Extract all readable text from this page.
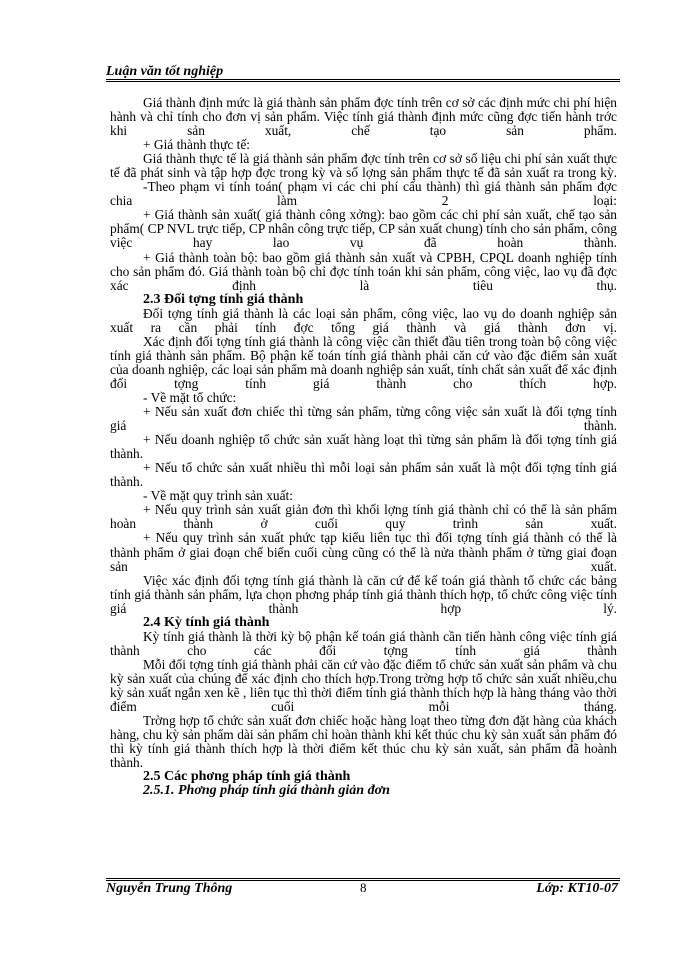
Luận văn tốt nghiệp

Giá thành định mức là giá thành sản phẩm đợc tính trên cơ sở các định mức chi phí hiện hành và chỉ tính cho đơn vị sản phẩm. Việc tính giá thành định mức cũng đợc tiến hành trớc khi sản xuất, chế tạo sản phẩm.

+ Giá thành thực tế:

Giá thành thực tế là giá thành sản phẩm đợc tính trên cơ sở số liệu chi phí sản xuất thực tế đã phát sinh và tập hợp đợc trong kỳ và số lợng sản phẩm thực tế đã sản xuất ra trong kỳ.

-Theo phạm vi tính toán( phạm vi các chi phí cấu thành) thì giá thành sản phẩm đợc chia làm 2 loại:

+ Giá thành sản xuất( giá thành công xởng): bao gồm các chi phí sản xuất, chế tạo sản phẩm( CP NVL trực tiếp, CP nhân công trực tiếp, CP sản xuất chung) tính cho sản phẩm, công việc hay lao vụ đã hoàn thành.

+ Giá thành toàn bộ: bao gồm giá thành sản xuất và CPBH, CPQL doanh nghiệp tính cho sản phẩm đó. Giá thành toàn bộ chỉ đợc tính toán khi sản phẩm, công việc, lao vụ đã đợc xác định là tiêu thụ.

2.3 Đối tợng tính giá thành

Đối tợng tính giá thành là các loại sản phẩm, công việc, lao vụ do doanh nghiệp sản xuất ra cần phải tính đợc tổng giá thành và giá thành đơn vị.

Xác định đối tợng tính giá thành là công việc cần thiết đầu tiên trong toàn bộ công việc tính giá thành sản phẩm. Bộ phận kế toán tính giá thành phải căn cứ vào đặc điểm sản xuất của doanh nghiệp, các loại sản phẩm mà doanh nghiệp sản xuất, tính chất sản xuất để xác định đối tợng tính giá thành cho thích hợp.

- Về mặt tổ chức:

+ Nếu sản xuất đơn chiếc thì từng sản phẩm, từng công việc sản xuất là đối tợng tính giá thành.

+ Nếu doanh nghiệp tổ chức sản xuất hàng loạt thì từng sản phẩm là đối tợng tính giá thành.

+ Nếu tổ chức sản xuất nhiều thì mỗi loại sản phẩm sản xuất là một đối tợng tính giá thành.

- Về mặt quy trình sản xuất:

+ Nếu quy trình sản xuất giản đơn thì khối lợng tính giá thành chỉ có thể là sản phẩm hoàn thành ở cuối quy trình sản xuất.

+ Nếu quy trình sản xuất phức tạp kiểu liên tục thì đối tợng tính giá thành có thể là thành phẩm ở giai đoạn chế biến cuối cùng cũng có thể là nửa thành phẩm ở từng giai đoạn sản xuất.

Việc xác định đối tợng tính giá thành là căn cứ để kế toán giá thành tổ chức các bảng tính giá thành sản phẩm, lựa chọn phơng pháp tính giá thành thích hợp, tổ chức công việc tính giá thành hợp lý.

2.4 Kỳ tính giá thành

Kỳ tính giá thành là thời kỳ bộ phận kế toán giá thành cần tiến hành công việc tính giá thành cho các đối tợng tính giá thành

Mỗi đối tợng tính giá thành phải căn cứ vào đặc điểm tổ chức sản xuất sản phẩm và chu kỳ sản xuất của chúng để xác định cho thích hợp.Trong trờng hợp tổ chức sản xuất nhiều,chu kỳ sản xuất ngắn xen kẽ , liên tục thì thời điểm tính giá thành thích hợp là hàng tháng vào thời điểm cuối mỗi tháng.

Trờng hợp tổ chức sản xuất đơn chiếc hoặc hàng loạt theo từng đơn đặt hàng của khách hàng, chu kỳ sản phẩm dài sản phẩm chỉ hoàn thành khi kết thúc chu kỳ sản xuất sản phẩm đó thì kỳ tính giá thành thích hợp là thời điểm kết thúc chu kỳ sản xuất, sản phẩm đã hoành thành.

2.5 Các phơng pháp tính giá thành

2.5.1. Phơng pháp tính giá thành giản đơn

Nguyễn Trung Thông	8	Lớp: KT10-07
